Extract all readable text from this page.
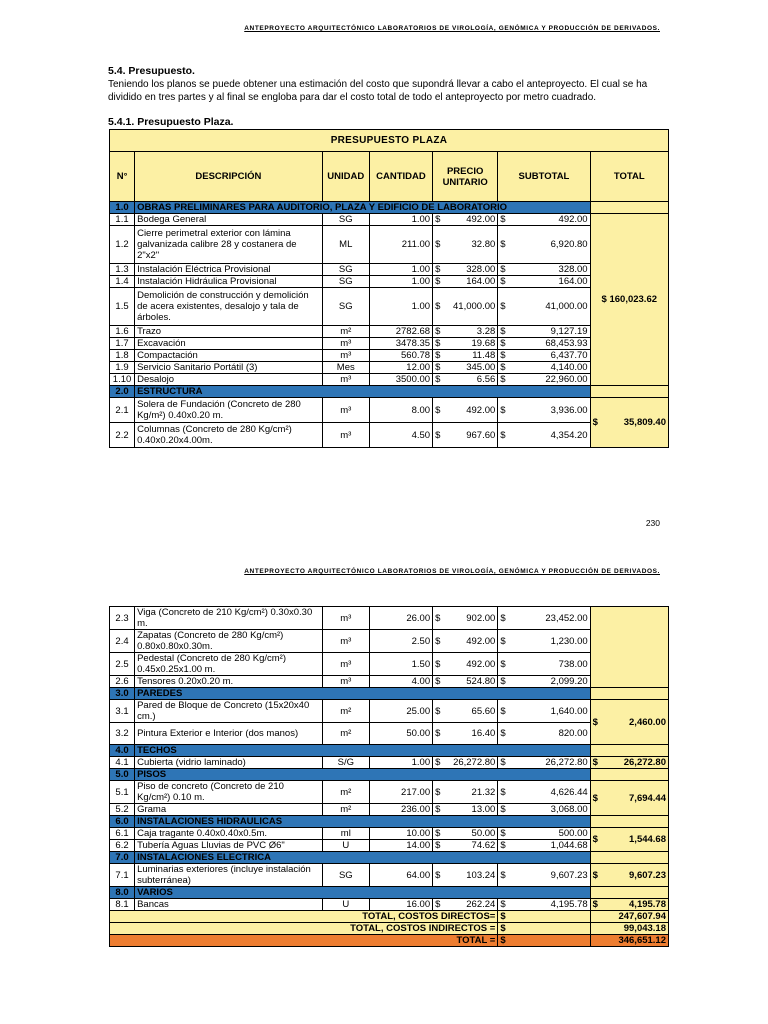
ANTEPROYECTO ARQUITECTÓNICO LABORATORIOS DE VIROLOGÍA, GENÓMICA Y PRODUCCIÓN DE DERIVADOS.
5.4. Presupuesto.
Teniendo los planos se puede obtener una estimación del costo que supondrá llevar a cabo el anteproyecto. El cual se ha dividido en tres partes y al final se engloba para dar el costo total de todo el anteproyecto por metro cuadrado.
5.4.1. Presupuesto Plaza.
PRESUPUESTO PLAZA						
N°	DESCRIPCIÓN	UNIDAD	CANTIDAD	PRECIO UNITARIO	SUBTOTAL	TOTAL
1.0	OBRAS PRELIMINARES PARA AUDITORIO, PLAZA Y EDIFICIO DE LABORATORIO					
1.1	Bodega General	SG	1.00	$ 492.00	$ 492.00	$ 160,023.62
1.2	Cierre perimetral exterior con lámina galvanizada calibre 28 y costanera de 2"x2"	ML	211.00	$ 32.80	$ 6,920.80	

1.3	Instalación Eléctrica Provisional	SG	1.00	$ 328.00	$ 328.00	

1.4	Instalación Hidráulica Provisional	SG	1.00	$ 164.00	$ 164.00	

1.5	Demolición de construcción y demolición de acera existentes, desalojo y tala de árboles.	SG	1.00	$ 41,000.00	$ 41,000.00	

1.6	Trazo	m²	2782.68	$ 3.28	$ 9,127.19	

1.7	Excavación	m³	3478.35	$ 19.68	$ 68,453.93	

1.8	Compactación	m³	560.78	$ 11.48	$ 6,437.70	

1.9	Servicio Sanitario Portátil (3)	Mes	12.00	$ 345.00	$ 4,140.00	

1.10	Desalojo	m³	3500.00	$ 6.56	$ 22,960.00	

2.0	ESTRUCTURA					
2.1	Solera de Fundación (Concreto de 280 Kg/m²) 0.40x0.20 m.	m³	8.00	$ 492.00	$ 3,936.00	$ 35,809.40

2.2	Columnas (Concreto de 280 Kg/cm²) 0.40x0.20x4.00m.	m³	4.50	$ 967.60	$ 4,354.20	
230
ANTEPROYECTO ARQUITECTÓNICO LABORATORIOS DE VIROLOGÍA, GENÓMICA Y PRODUCCIÓN DE DERIVADOS.
2.3	Viga (Concreto de 210 Kg/cm²) 0.30x0.30 m.	m³	26.00	$ 902.00	$ 23,452.00	

2.4	Zapatas (Concreto de 280 Kg/cm²) 0.80x0.80x0.30m.	m³	2.50	$ 492.00	$ 1,230.00	

2.5	Pedestal (Concreto de 280 Kg/cm²) 0.45x0.25x1.00 m.	m³	1.50	$ 492.00	$ 738.00	

2.6	Tensores 0.20x0.20 m.	m³	4.00	$ 524.80	$ 2,099.20	

3.0	PAREDES					
3.1	Pared de Bloque de Concreto (15x20x40 cm.)	m²	25.00	$ 65.60	$ 1,640.00	$ 2,460.00

3.2	Pintura Exterior e Interior (dos manos)	m²	50.00	$ 16.40	$ 820.00	

4.0	TECHOS					
4.1	Cubierta (vidrio laminado)	S/G	1.00	$ 26,272.80	$ 26,272.80	$ 26,272.80

5.0	PISOS					
5.1	Piso de concreto (Concreto de 210 Kg/cm²) 0.10 m.	m²	217.00	$ 21.32	$ 4,626.44	$ 7,694.44

5.2	Grama	m²	236.00	$ 13.00	$ 3,068.00	

6.0	INSTALACIONES HIDRAULICAS					
6.1	Caja tragante 0.40x0.40x0.5m.	ml	10.00	$ 50.00	$ 500.00	$ 1,544.68

6.2	Tubería Aguas Lluvias de PVC Ø6"	U	14.00	$ 74.62	$ 1,044.68	

7.0	INSTALACIONES ELECTRICA					
7.1	Luminarias exteriores (incluye instalación subterránea)	SG	64.00	$ 103.24	$ 9,607.23	$ 9,607.23

8.0	VARIOS					
8.1	Bancas	U	16.00	$ 262.24	$ 4,195.78	$ 4,195.78

TOTAL, COSTOS DIRECTOS=					$	247,607.94
TOTAL, COSTOS INDIRECTOS =					$	99,043.18
TOTAL =					$	346,651.12
